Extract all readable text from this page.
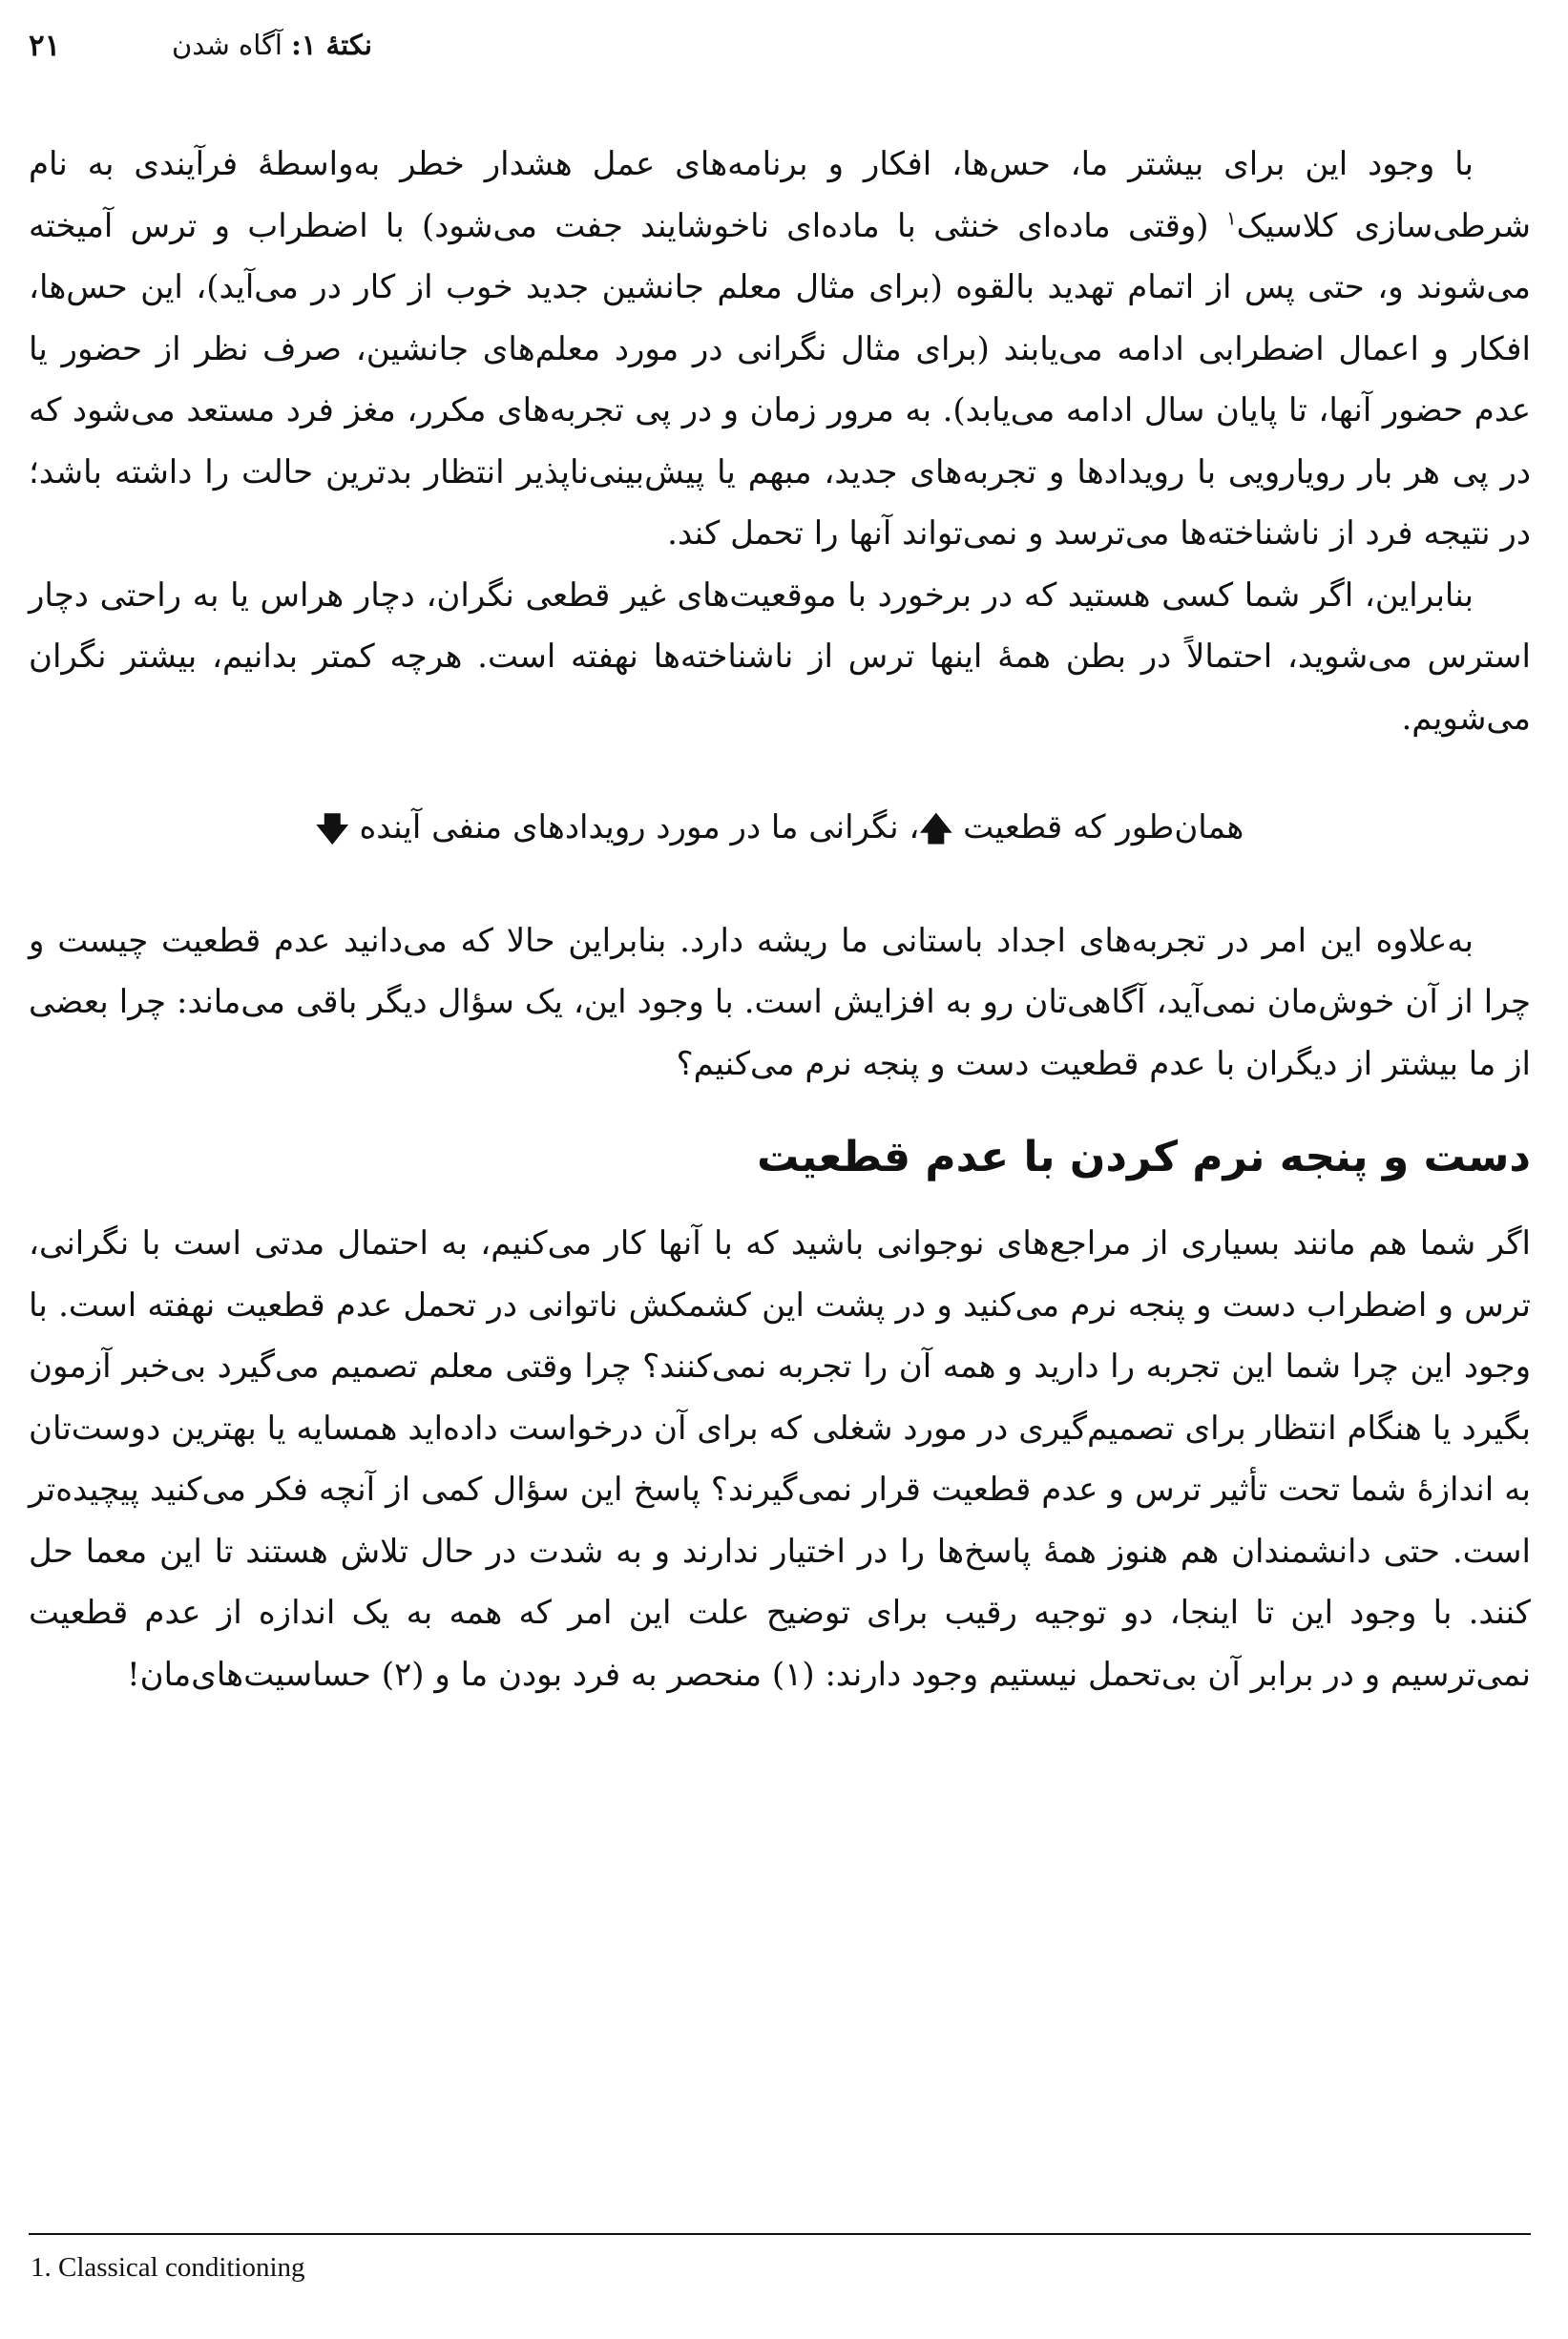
نکتهٔ ۱: آگاه شدن
۲۱

با وجود این برای بیشتر ما، حس‌ها، افکار و برنامه‌های عمل هشدار خطر به‌واسطهٔ فرآیندی به نام شرطی‌سازی کلاسیک$^۱$ (وقتی ماده‌ای خنثی با ماده‌ای ناخوشایند جفت می‌شود) با اضطراب و ترس آمیخته می‌شوند و، حتی پس از اتمام تهدید بالقوه (برای مثال معلم جانشین جدید خوب از کار در می‌آید)، این حس‌ها، افکار و اعمال اضطرابی ادامه می‌یابند (برای مثال نگرانی در مورد معلم‌های جانشین، صرف نظر از حضور یا عدم حضور آنها، تا پایان سال ادامه می‌یابد). به مرور زمان و در پی تجربه‌های مکرر، مغز فرد مستعد می‌شود که در پی هر بار رویارویی با رویدادها و تجربه‌های جدید، مبهم یا پیش‌بینی‌ناپذیر انتظار بدترین حالت را داشته باشد؛ در نتیجه فرد از ناشناخته‌ها می‌ترسد و نمی‌تواند آنها را تحمل کند.

بنابراین، اگر شما کسی هستید که در برخورد با موقعیت‌های غیر قطعی نگران، دچار هراس یا به راحتی دچار استرس می‌شوید، احتمالاً در بطن همهٔ اینها ترس از ناشناخته‌ها نهفته است. هرچه کمتر بدانیم، بیشتر نگران می‌شویم.

همان‌طور که قطعیت 🡅، نگرانی ما در مورد رویدادهای منفی آینده 🡇

به‌علاوه این امر در تجربه‌های اجداد باستانی ما ریشه دارد. بنابراین حالا که می‌دانید عدم قطعیت چیست و چرا از آن خوش‌مان نمی‌آید، آگاهی‌تان رو به افزایش است. با وجود این، یک سؤال دیگر باقی می‌ماند: چرا بعضی از ما بیشتر از دیگران با عدم قطعیت دست و پنجه نرم می‌کنیم؟

دست و پنجه نرم کردن با عدم قطعیت

اگر شما هم مانند بسیاری از مراجع‌های نوجوانی باشید که با آنها کار می‌کنیم، به احتمال مدتی است با نگرانی، ترس و اضطراب دست و پنجه نرم می‌کنید و در پشت این کشمکش ناتوانی در تحمل عدم قطعیت نهفته است. با وجود این چرا شما این تجربه را دارید و همه آن را تجربه نمی‌کنند؟ چرا وقتی معلم تصمیم می‌گیرد بی‌خبر آزمون بگیرد یا هنگام انتظار برای تصمیم‌گیری در مورد شغلی که برای آن درخواست داده‌اید همسایه یا بهترین دوست‌تان به اندازهٔ شما تحت تأثیر ترس و عدم قطعیت قرار نمی‌گیرند؟ پاسخ این سؤال کمی از آنچه فکر می‌کنید پیچیده‌تر است. حتی دانشمندان هم هنوز همهٔ پاسخ‌ها را در اختیار ندارند و به شدت در حال تلاش هستند تا این معما حل کنند. با وجود این تا اینجا، دو توجیه رقیب برای توضیح علت این امر که همه به یک اندازه از عدم قطعیت نمی‌ترسیم و در برابر آن بی‌تحمل نیستیم وجود دارند: (۱) منحصر به فرد بودن ما و (۲) حساسیت‌های‌مان!

1. Classical conditioning
